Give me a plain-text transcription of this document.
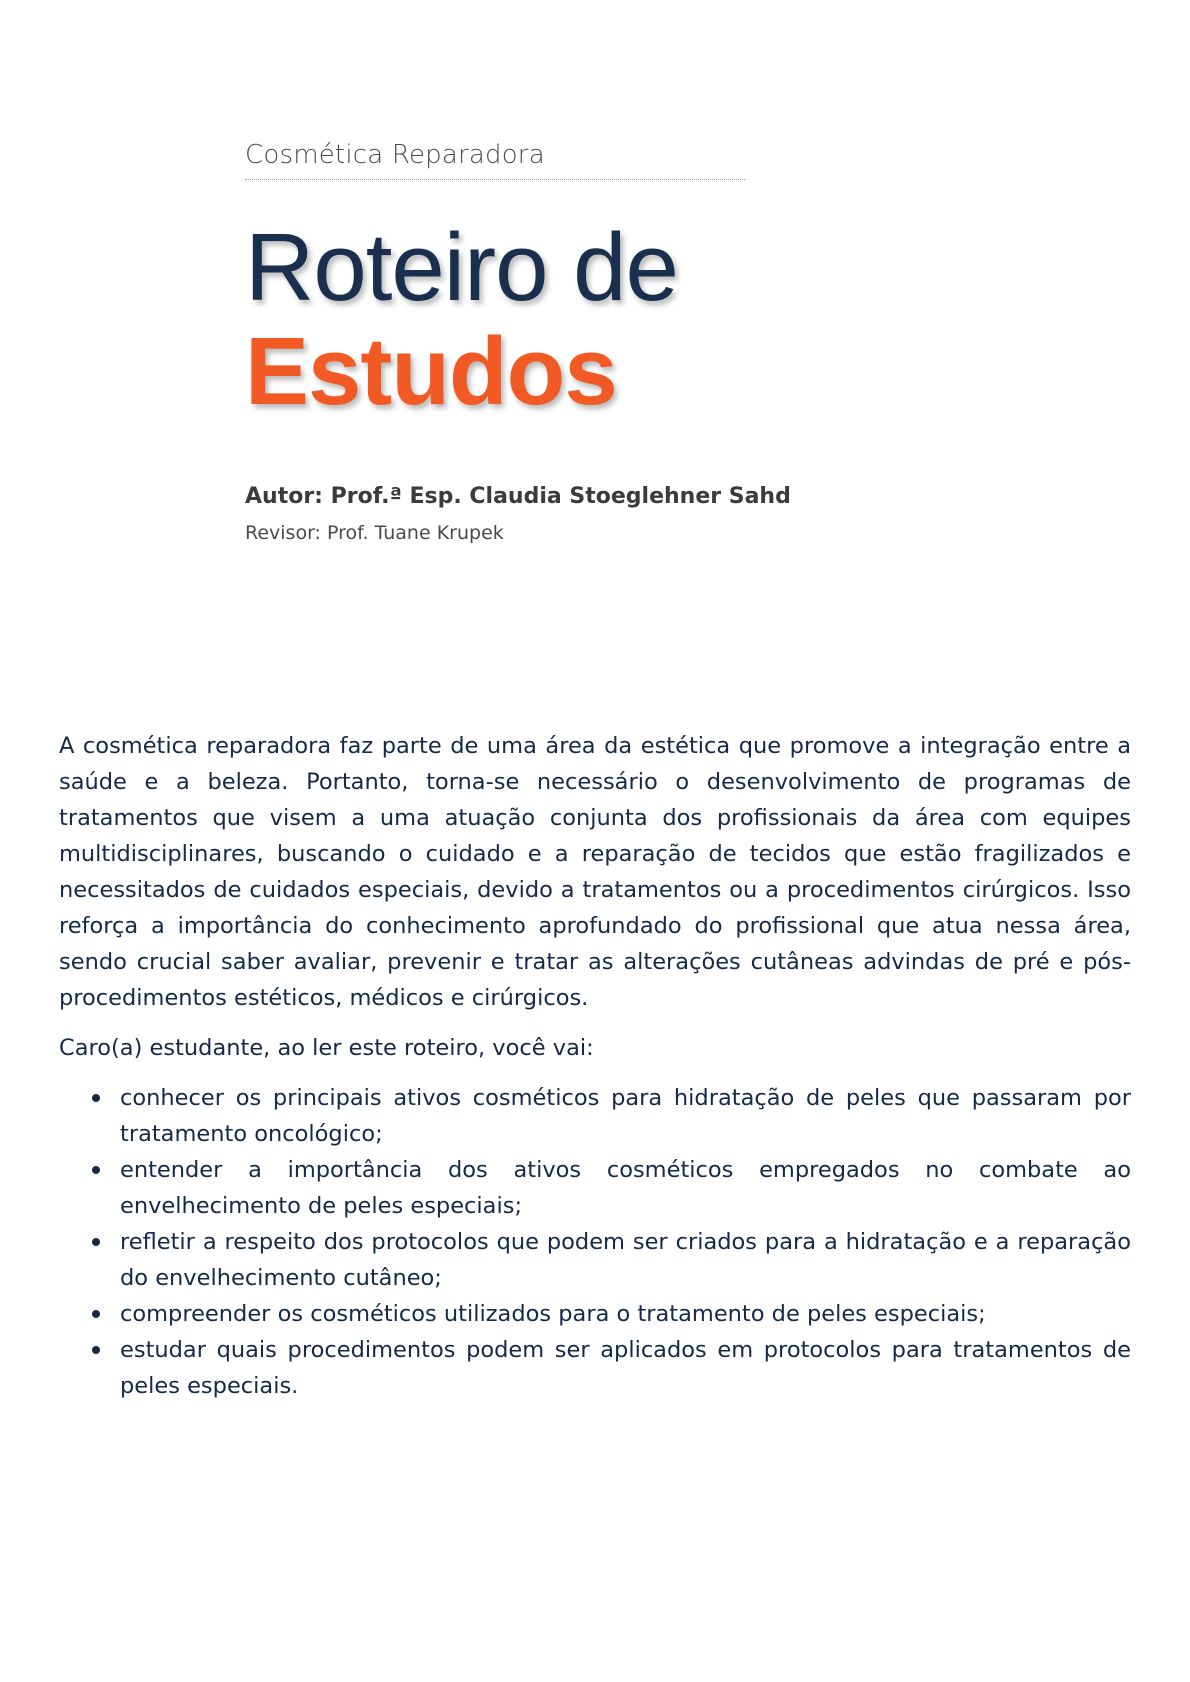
Cosmética Reparadora
Roteiro de
Estudos
Autor: Prof.ª Esp. Claudia Stoeglehner Sahd
Revisor: Prof. Tuane Krupek

A cosmética reparadora faz parte de uma área da estética que promove a integração entre a saúde e a beleza. Portanto, torna-se necessário o desenvolvimento de programas de tratamentos que visem a uma atuação conjunta dos profissionais da área com equipes multidisciplinares, buscando o cuidado e a reparação de tecidos que estão fragilizados e necessitados de cuidados especiais, devido a tratamentos ou a procedimentos cirúrgicos. Isso reforça a importância do conhecimento aprofundado do profissional que atua nessa área, sendo crucial saber avaliar, prevenir e tratar as alterações cutâneas advindas de pré e pós-procedimentos estéticos, médicos e cirúrgicos.

Caro(a) estudante, ao ler este roteiro, você vai:

conhecer os principais ativos cosméticos para hidratação de peles que passaram por tratamento oncológico;
entender a importância dos ativos cosméticos empregados no combate ao envelhecimento de peles especiais;
refletir a respeito dos protocolos que podem ser criados para a hidratação e a reparação do envelhecimento cutâneo;
compreender os cosméticos utilizados para o tratamento de peles especiais;
estudar quais procedimentos podem ser aplicados em protocolos para tratamentos de peles especiais.
